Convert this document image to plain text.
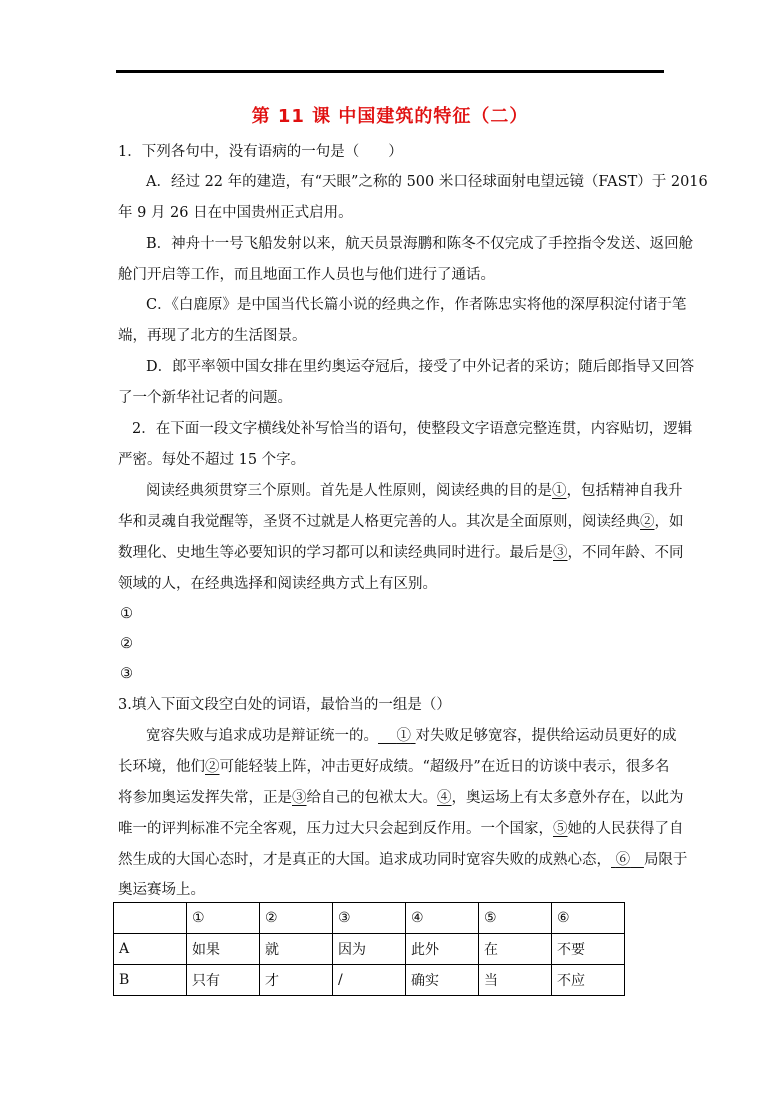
第 11 课 中国建筑的特征（二）
1．下列各句中，没有语病的一句是（　　）
A．经过 22 年的建造，有“天眼”之称的 500 米口径球面射电望远镜（FAST）于 2016
年 9 月 26 日在中国贵州正式启用。
B．神舟十一号飞船发射以来，航天员景海鹏和陈冬不仅完成了手控指令发送、返回舱
舱门开启等工作，而且地面工作人员也与他们进行了通话。
C．《白鹿原》是中国当代长篇小说的经典之作，作者陈忠实将他的深厚积淀付诸于笔
端，再现了北方的生活图景。
D．郎平率领中国女排在里约奥运夺冠后，接受了中外记者的采访；随后郎指导又回答
了一个新华社记者的问题。
2．在下面一段文字横线处补写恰当的语句，使整段文字语意完整连贯，内容贴切，逻辑
严密。每处不超过 15 个字。
阅读经典须贯穿三个原则。首先是人性原则，阅读经典的目的是①，包括精神自我升
华和灵魂自我觉醒等，圣贤不过就是人格更完善的人。其次是全面原则，阅读经典②，如
数理化、史地生等必要知识的学习都可以和读经典同时进行。最后是③，不同年龄、不同
领域的人，在经典选择和阅读经典方式上有区别。
①
②
③
3.填入下面文段空白处的词语，最恰当的一组是（）
宽容失败与追求成功是辩证统一的。 ① 对失败足够宽容，提供给运动员更好的成
长环境，他们②可能轻装上阵，冲击更好成绩。“超级丹”在近日的访谈中表示，很多名
将参加奥运发挥失常，正是③给自己的包袱太大。④，奥运场上有太多意外存在，以此为
唯一的评判标准不完全客观，压力过大只会起到反作用。一个国家，⑤她的人民获得了自
然生成的大国心态时，才是真正的大国。追求成功同时宽容失败的成熟心态， ⑥ 局限于
奥运赛场上。
	①	②	③	④	⑤	⑥
A	如果	就	因为	此外	在	不要
B	只有	才	/	确实	当	不应
